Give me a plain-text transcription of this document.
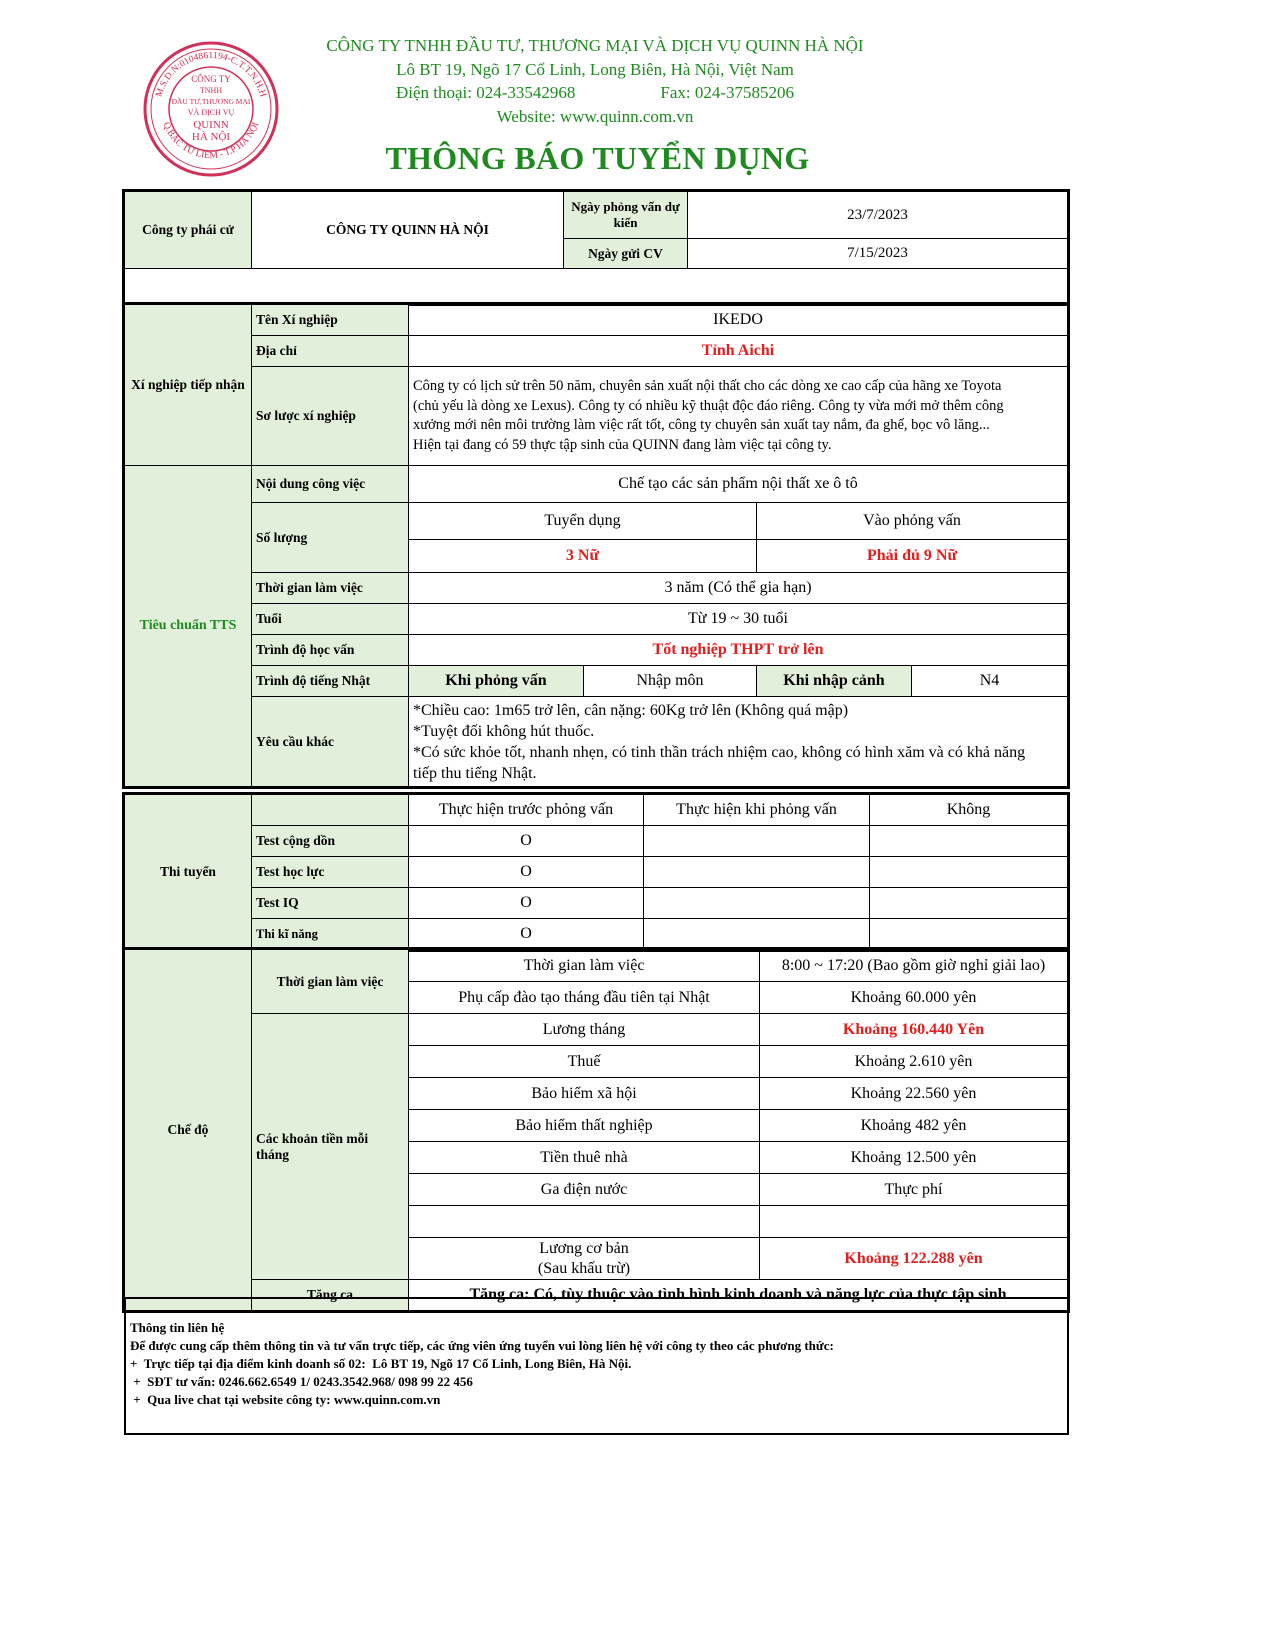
M.S.D.N:0104861194-C.T.T.N.H.H
Q.BẮC TỪ LIÊM - T.P HÀ NỘI
CÔNG TY
TNHH
ĐẦU TƯ,THƯƠNG MẠI
VÀ DỊCH VỤ
QUINN
HÀ NỘI
CÔNG TY TNHH ĐẦU TƯ, THƯƠNG MẠI VÀ DỊCH VỤ QUINN HÀ NỘI
Lô BT 19, Ngõ 17 Cổ Linh, Long Biên, Hà Nội, Việt Nam
Điện thoại: 024-33542968	Fax: 024-37585206
Website: www.quinn.com.vn
THÔNG BÁO TUYỂN DỤNG
Công ty phái cử	CÔNG TY QUINN HÀ NỘI	Ngày phỏng vấn dự kiến	23/7/2023
		Ngày gửi CV	7/15/2023

Xí nghiệp tiếp nhận	Tên Xí nghiệp	IKEDO			
	Địa chỉ	Tỉnh Aichi			
	Sơ lược xí nghiệp	Công ty có lịch sử trên 50 năm, chuyên sản xuất nội thất cho các dòng xe cao cấp của hãng xe Toyota
(chủ yếu là dòng xe Lexus). Công ty có nhiều kỹ thuật độc đáo riêng. Công ty vừa mới mở thêm công
xưởng mới nên môi trường làm việc rất tốt, công ty chuyên sản xuất tay nắm, đa ghế, bọc vô lăng...
Hiện tại đang có 59 thực tập sinh của QUINN đang làm việc tại công ty.			

Tiêu chuẩn TTS	Nội dung công việc	Chế tạo các sản phẩm nội thất xe ô tô			
	Số lượng	Tuyển dụng		Vào phỏng vấn	
		3 Nữ		Phải đủ 9 Nữ	
	Thời gian làm việc	3 năm (Có thể gia hạn)			
	Tuổi	Từ 19 ~ 30 tuổi			
	Trình độ học vấn	Tốt nghiệp THPT trở lên			
	Trình độ tiếng Nhật	Khi phỏng vấn	Nhập môn	Khi nhập cảnh	N4
	Yêu cầu khác	*Chiều cao: 1m65 trở lên, cân nặng: 60Kg trở lên (Không quá mập)
*Tuyệt đối không hút thuốc.
*Có sức khỏe tốt, nhanh nhẹn, có tinh thần trách nhiệm cao, không có hình xăm và có khả năng
tiếp thu tiếng Nhật.			
Thi tuyển		Thực hiện trước phỏng vấn	Thực hiện khi phỏng vấn	Không
	Test cộng dồn	O		
	Test học lực	O		
	Test IQ	O		
	Thi kĩ năng	O		
Chế độ	Thời gian làm việc	Thời gian làm việc	8:00 ~ 17:20 (Bao gồm giờ nghỉ giải lao)
		Phụ cấp đào tạo tháng đầu tiên tại Nhật	Khoảng 60.000 yên
	Các khoản tiền mỗi tháng	Lương tháng	Khoảng 160.440 Yên
		Thuế	Khoảng 2.610 yên
		Bảo hiểm xã hội	Khoảng 22.560 yên
		Bảo hiểm thất nghiệp	Khoảng 482 yên
		Tiền thuê nhà	Khoảng 12.500 yên
		Ga điện nước	Thực phí

		Lương cơ bản
(Sau khấu trừ)	Khoảng 122.288 yên
	Tăng ca	Tăng ca: Có, tùy thuộc vào tình hình kinh doanh và năng lực của thực tập sinh	
Thông tin liên hệ
Để được cung cấp thêm thông tin và tư vấn trực tiếp, các ứng viên ứng tuyển vui lòng liên hệ với công ty theo các phương thức:
+  Trực tiếp tại địa điểm kinh doanh số 02:  Lô BT 19, Ngõ 17 Cổ Linh, Long Biên, Hà Nội.
+  SĐT tư vấn: 0246.662.6549 1/ 0243.3542.968/ 098 99 22 456
+  Qua live chat tại website công ty: www.quinn.com.vn
